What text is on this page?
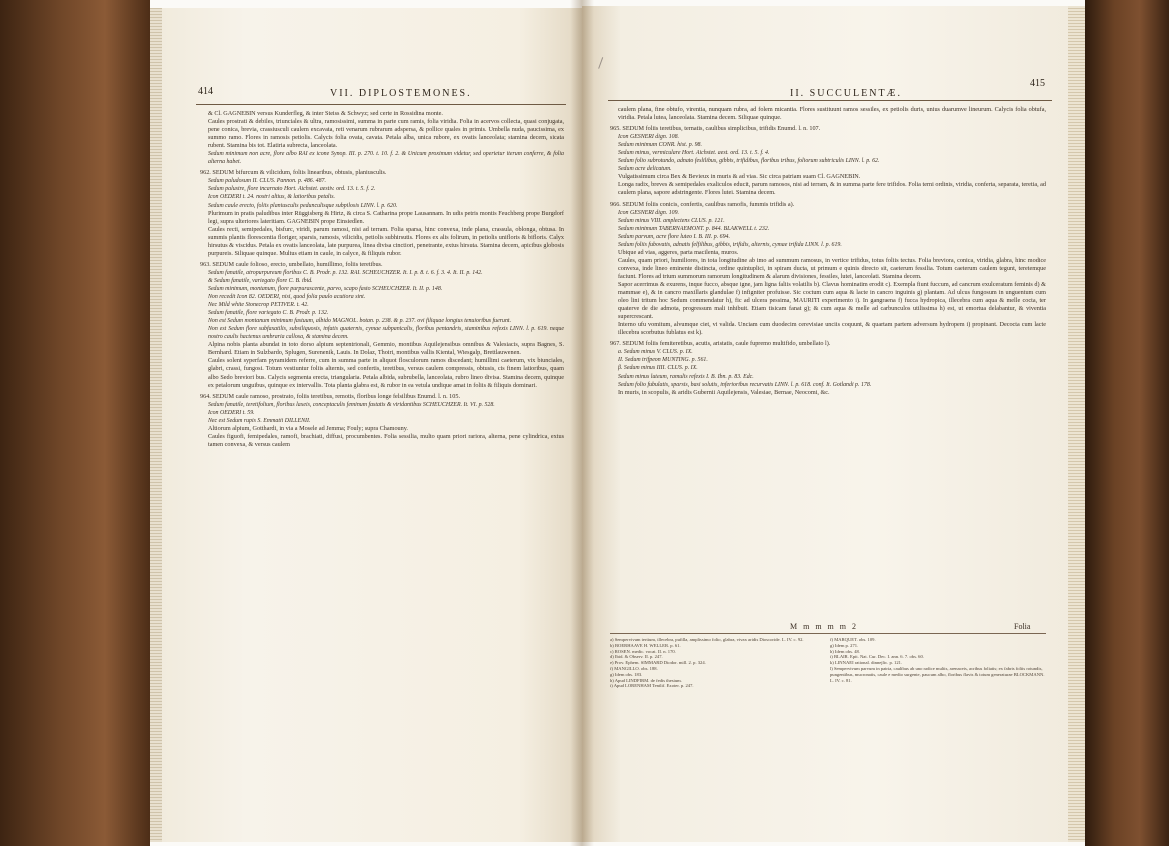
414	VII. DIPLOSTEMONES.

& Cl. GAGNEBIN versus Kunderfleg, & inter Steiss & Schwyz; sed certe in Rossidina monte.

Caules prostrati & debiles, triunciales & ultra, ramosissimi, summa in parte cum ramis, folia viridia. Folia in acervos collecta, quasi conjugata, pene conica, brevia, crassiusculi caulem excavata, reti venarum rubrarum adspersa, & pollice quales in primis. Umbella nuda, paucissima, ex summo ramo. Flores in ramosis petiolis. Calycis folia ovata, cavata. Petala alba, unica rubore, ex ovatis lanceolata; stamina decem, sicata rubent. Stamina bis tot. Elatiria subrecta, lanceolata.

Sedum minimum non acre, flore albo RAI ex icone Synop. III. p. 270. t. 10. f. 2. & Unicum proximum videtur, sed operietur iterum conferre, & folia alterna habet.

962. SEDUM bifurcum & vilicidum, foliis linearibus, obtusis, planiusculis.

Sedum paludosum II. CLUS. Pannon. p. 486. 487.

Sedum palustre, flore incarnato Hort. Aichstet. aestiv. ord. 13. t. 5. f. 2.

Icon OEDERI t. 24. nostri altius, & latioribus petalis.

Sedum caule erecto, foliis planiusculis pedunculisque subpilosis LINN. l. p. 620.

Plurimum in pratis paludibus inter Rüggisberg & Hirtz, & circa S. Catharina prope Lausannam. In udis petris montis Feuchberg prope Burgdorf legi, supra ulteriores lateritiam. GAGNEBIN prope Einsiedlen.

Caules recti, semipedales, bisfurc, viridi, parum ramosi, nisi ad terram. Folia sparsa, hinc convexa, inde plana, crassula, oblonga, obtusa. In summis plantis florescentia floriger, sparsis, ramosis, vilicidis, petiolis subhirsutis. Flores ex alis folirum, in petiolis unifloris & bifloris. Calyx hirsutus & viscidus. Petala ex ovatis lanceolata, late purpurea, linea divisa cinctiori, penetrante, extus hirsuta. Stamina decem, apicibus globosis purpureis. Siliquae quinque. Multus etiam in caule, in calyce, & filiquis rubor.

963. SEDUM caule folioso, erecto, umbellato, humillimo, foliis teretibus.

Sedum fanatile, atropurpureum floribus C. B. Prodr. p. 132. RAI. SCHEUCHZER. It. I. p. 8. t. 6. f. 3. 4. It. II. p. 142.

& Sedum fanatile, variegato flore C. B. ibid.

Sedum minimum, montanum, flore purpurascente, parvo, scapo fasto SCHEUCHZER. It. II. p. 148.

Non recedit Icon 82. OEDERI, nisi, quod folia paulo acutiora sint.

Nec Mild white Stonecrop PETIVER. t. 42.

Sedum fanatile, flore variegato C. B. Prodr. p. 132.

Non est Sedum montanum minimum fastuum, albido MAGNOL. botan. p. 238. & p. 237. ovi filiquae longius tenuioribus fuerunt.

Non est Sedum flore subfaxatilis, subsiliquosis, infatis quaternis, cymae subpanicalis, floribus pentandris, staminibus refexis LINN. l. p. 619. neque nostro caulis hactenus umbraria callosa, & stamina decem.

Alpina nobis planta abundat in toto dorso alpium septentrionali, Gemmio, montibus Aquilejensibus omnibus & Valesiacis, supra Bagnes, S. Bernhard. Etiam in Sulzbardo, Splugen, Surenenik, Lauis. In Dolaz, Thoiri, montibus vallis Kiental, Wiesgalp, Brettlauwenen.

Caules solent syperfam pyramidem referre, cum in summa parte in aliquot flosculorum ramos discedant; humillimi caeterum, vix biunciales, glabri, crassi, fungosi. Totum vestiuntur foliis alternis, sed confertis, teretibus, versus caulem compressis, obtusis, cis finem latioribus, quam albo Sedo breviori bus. Calycis segmenta erecta, triangularia. Petala albida, subrubella, lanceolata, rubro lineo divisa. Stamina decem, quinque ex petalorum unguibus, quinque ex intervallis. Tota planta glabra est, & rubor in ea vetula undique amat in foliis & filiquis dominari.

964. SEDUM caule ramoso, prostrato, foliis teretibus, remotis, floribus longe felsilibus Enumd. l. n. 105.

Sedum fanatile, teretifolium, floribus laxeis, conceptaculis feminum fastatis & viridantibus SCHEUCHZER. It. VI. p. 528.

Icon OEDERI t. 59.

Nec est Sedum rupis S. Emmatii DILLENII.

Altiorum alpium, Gotthardi, in via a Mosele ad Jemma; Fouly; supra Chamouny.

Caules figuofi, femipedales, ramofi, brachiati, diffusi, procumbentes. Folia sessilia, multo quam priori rariora, alterna, pene cylindrica, extus tamen convexa, & versus caulem

II. SUCCULENTÆ.
415

caulem plana, fine obtufo, virentia, nunquam rubra, ad folem micantia. Flores sustituunt ramos sessiles, ex petiolis duris, unius duarumve lineurum. Calycis folia obtufa, viridia. Petala lutea, lanceolata. Stamina decem. Siliquae quinque.

965. SEDUM foliis teretibus, ternatis, caulibus simplicibus, trifidis Enumd. l. n. 107.

Icon GESNERI dign. 108.

Sedum minimum CONR. hist. p. 98.

Sedum minus, vermiculare Hort. Aichstet. aest. ord. 13. t. 5. f. 4.

Sedum folio subrotundo, adnato feslilibus, gibbis, trifidibus, floribus tribus, foliorum subtriculis LINN. l. p. 62.

Sedum acre delicatum.

Vulgatissimum circa Bex & Bevieux in muris & ad vias. Sic circa patriam suam Cl. GAGNEBIN.

Longa radix, breves & semipedales exaliculos educit, parum ramosos, nisi ad terram, & in summa parte fere trifidos. Folia terni ordinis, viridia, conferta, separata, teretia, ad caulem plana, sapore adstringente. Flores lutei. Stamina decem.

966. SEDUM foliis conicis, confertis, caulibus ramofis, fummis trifidis a).

Icon GESNERI dign. 109.

Sedum minus VIII. amplectens CLUS. p. 121.

Sedum minimum TABERNAEMONT. p. 844. BLAKWELL t. 232.

Sedum parvum, acre flore luteo I. B. III. p. 694.

Sedum foliis fubovatis, adnatis felfilibus, gibbis, trifidis, alternis, cymae trifida LINN. l. p. 619.

Ubique ad vias, aggeres, parta macilenta, muros.

Caules, quam priori, humiliores, in tota longitudine ab imo ad summum ramosus, in vertice trifidus, totus foliis tectus. Folia breviora, conica, viridia, glabra, hinc modice convexa, inde lineo eminente distincta, ordine quintuplici, in spiram ducta, ut primum e quinis directo sit, caeterum fessilia. Totum caeterum caulem tegunt, teretemque faciunt. Flores ad trium summorum ramorum longitudinem & alarum divisiones, fessiles, lutei, lanceolati. Stamina decem.

Sapor acerrimus & exurens, inque fucco, absque igne, jam ligna faliis volatilis b). Clavus hominatim erodit c). Exempla fiunt fuccum, ad cancrum exulceratum feminis d) & mammae e), & in cancro maxillaris glandulae f) infigniter profuisse. Sic coctum cum aqua & lacte in cancro inguinis g) plantam. Ad ulcus fungosum in unguentum cum oleo lini tritum hoc Sedum commendatur h), fic ad ulcera pessima, MAURITI experimento i). In gangraena f) fucca hydropica, illecebra cum aqua & melle cocta, ter quaterve de die admota, progressum mali inhibuit. Etiam tisicam fanat g); & cum aqua & melle ad carbunculos utilissima h) est, ut emortua delabantur, & viventia supercrescant.

Interno ufu vomitum, alvumque ciet, vi valida. Unciam cum duodecim cerevisiae unciis coquunt, & quartam partem adversum hydropem i) propinant. Decocta cum lacte illecebra scorbutus fublatus est k).

967. SEDUM foliis femiteretibus, acutis, aristatis, caule fupremo multifido, umbellato l).

a. Sedum minus V. CLUS. p. IX.

II. Sedum trifpeon MUNTING. p. 561.

β. Sedum minus IIII. CLUS. p. IX.

Sedum minus luteum, ramulis refexis I. B. Ibn. p. 83. Edc.

Sedum folio fubulatis, sparsis, basi solutis, inferioribus recurvatis LINN. l. p. 618. conf. It. Gotlandi p. 178.

In muris, in scopulis, & aridis Gubernii Aquilejensis, Valesiae, Bernae, Neocomi, &c.

M m m m m 2	Folia

a) Sempervivum tertium, illecebra, pufilla, amplissimo folio, glabra, vivax aridis Dioscoride. L. IV. c. 92.

b) BOERHAAVE H. WELLER. p. 61.

c) ROSEN. medic. vocat. II. n. 170.

d) Ibid. & Observ. II. p. 247.

e) Prov. Ephem. SIMMARD Diodor. mill. 2. p. 324.

f) MANGILLO. obs. 188.

g) Idem obs. 183.

h) Apud LINDFIRM. de fedis thesium.

i) Apud LORENHAM Tentlif. Exoter. p. 247.

f) MARQUET. obs. 109.

g) Idem p. 271.

h) Idem obs. 48.

i) BLAIR. Epit. Nat. Cur. Dec. I. ann. 6. 7. obs. 60.

k) LINNAEI rational. dinnejlic. p. 121.

l) Sempervivum parvum in patria, caulibus ab uno radice multis, arenaceis, acribus foliatis; ex fabris foliis rotundis, pungentibus, mucronatis, caule e medio surgente, paucum albo, floribus flavis & totum generaturae BLOCKMANN. L. IV. c. 81.
